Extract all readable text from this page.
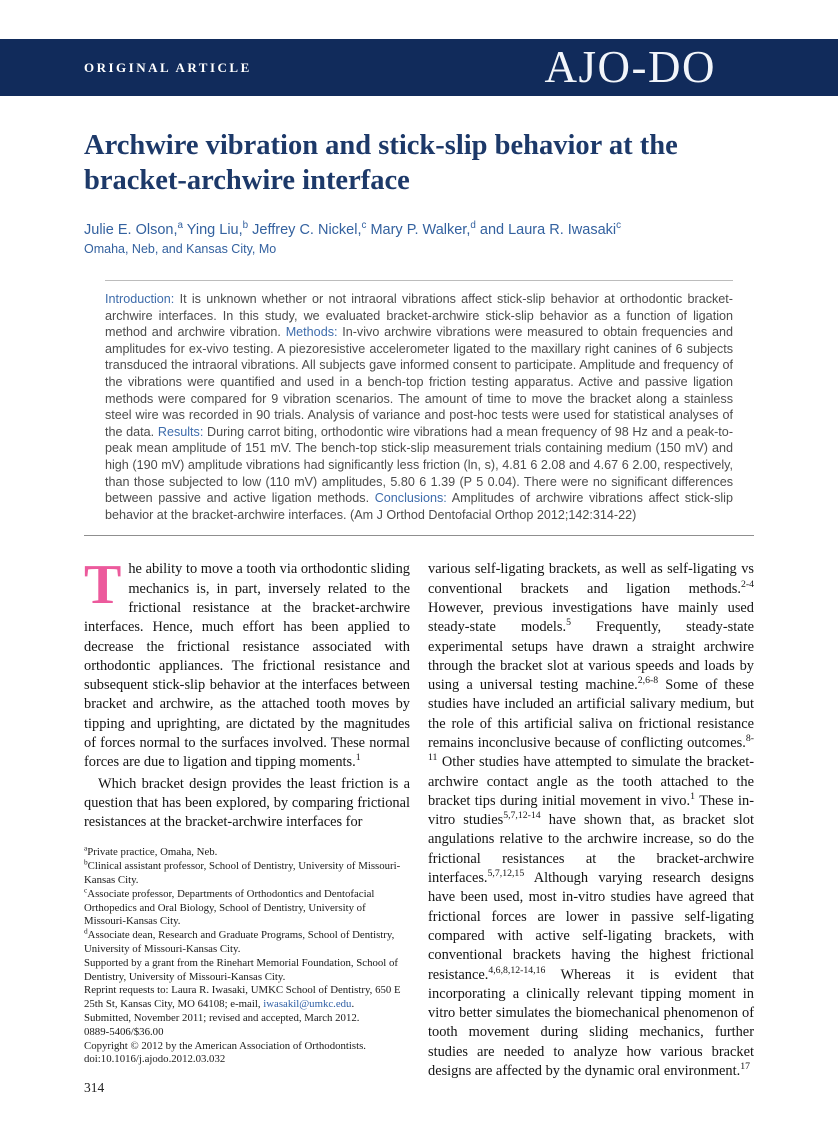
ORIGINAL ARTICLE	AJO-DO
Archwire vibration and stick-slip behavior at the bracket-archwire interface
Julie E. Olson,$^a$ Ying Liu,$^b$ Jeffrey C. Nickel,$^c$ Mary P. Walker,$^d$ and Laura R. Iwasaki$^c$
Omaha, Neb, and Kansas City, Mo

Introduction: It is unknown whether or not intraoral vibrations affect stick-slip behavior at orthodontic bracket-archwire interfaces. In this study, we evaluated bracket-archwire stick-slip behavior as a function of ligation method and archwire vibration. Methods: In-vivo archwire vibrations were measured to obtain frequencies and amplitudes for ex-vivo testing. A piezoresistive accelerometer ligated to the maxillary right canines of 6 subjects transduced the intraoral vibrations. All subjects gave informed consent to participate. Amplitude and frequency of the vibrations were quantified and used in a bench-top friction testing apparatus. Active and passive ligation methods were compared for 9 vibration scenarios. The amount of time to move the bracket along a stainless steel wire was recorded in 90 trials. Analysis of variance and post-hoc tests were used for statistical analyses of the data. Results: During carrot biting, orthodontic wire vibrations had a mean frequency of 98 Hz and a peak-to-peak mean amplitude of 151 mV. The bench-top stick-slip measurement trials containing medium (150 mV) and high (190 mV) amplitude vibrations had significantly less friction (ln, s), 4.81 6 2.08 and 4.67 6 2.00, respectively, than those subjected to low (110 mV) amplitudes, 5.80 6 1.39 (P 5 0.04). There were no significant differences between passive and active ligation methods. Conclusions: Amplitudes of archwire vibrations affect stick-slip behavior at the bracket-archwire interfaces. (Am J Orthod Dentofacial Orthop 2012;142:314-22)

The ability to move a tooth via orthodontic sliding mechanics is, in part, inversely related to the frictional resistance at the bracket-archwire interfaces. Hence, much effort has been applied to decrease the frictional resistance associated with orthodontic appliances. The frictional resistance and subsequent stick-slip behavior at the interfaces between bracket and archwire, as the attached tooth moves by tipping and uprighting, are dictated by the magnitudes of forces normal to the surfaces involved. These normal forces are due to ligation and tipping moments.$^1$

Which bracket design provides the least friction is a question that has been explored, by comparing frictional resistances at the bracket-archwire interfaces for

$^a$Private practice, Omaha, Neb.
$^b$Clinical assistant professor, School of Dentistry, University of Missouri-Kansas City.
$^c$Associate professor, Departments of Orthodontics and Dentofacial Orthopedics and Oral Biology, School of Dentistry, University of Missouri-Kansas City.
$^d$Associate dean, Research and Graduate Programs, School of Dentistry, University of Missouri-Kansas City.
Supported by a grant from the Rinehart Memorial Foundation, School of Dentistry, University of Missouri-Kansas City.
Reprint requests to: Laura R. Iwasaki, UMKC School of Dentistry, 650 E 25th St, Kansas City, MO 64108; e-mail, iwasakil@umkc.edu.
Submitted, November 2011; revised and accepted, March 2012.
0889-5406/$36.00
Copyright © 2012 by the American Association of Orthodontists.
doi:10.1016/j.ajodo.2012.03.032

various self-ligating brackets, as well as self-ligating vs conventional brackets and ligation methods.$^{2-4}$ However, previous investigations have mainly used steady-state models.$^5$ Frequently, steady-state experimental setups have drawn a straight archwire through the bracket slot at various speeds and loads by using a universal testing machine.$^{2,6-8}$ Some of these studies have included an artificial salivary medium, but the role of this artificial saliva on frictional resistance remains inconclusive because of conflicting outcomes.$^{8-11}$ Other studies have attempted to simulate the bracket-archwire contact angle as the tooth attached to the bracket tips during initial movement in vivo.$^1$ These in-vitro studies$^{5,7,12-14}$ have shown that, as bracket slot angulations relative to the archwire increase, so do the frictional resistances at the bracket-archwire interfaces.$^{5,7,12,15}$ Although varying research designs have been used, most in-vitro studies have agreed that frictional forces are lower in passive self-ligating compared with active self-ligating brackets, with conventional brackets having the highest frictional resistance.$^{4,6,8,12-14,16}$ Whereas it is evident that incorporating a clinically relevant tipping moment in vitro better simulates the biomechanical phenomenon of tooth movement during sliding mechanics, further studies are needed to analyze how various bracket designs are affected by the dynamic oral environment.$^{17}$

314
